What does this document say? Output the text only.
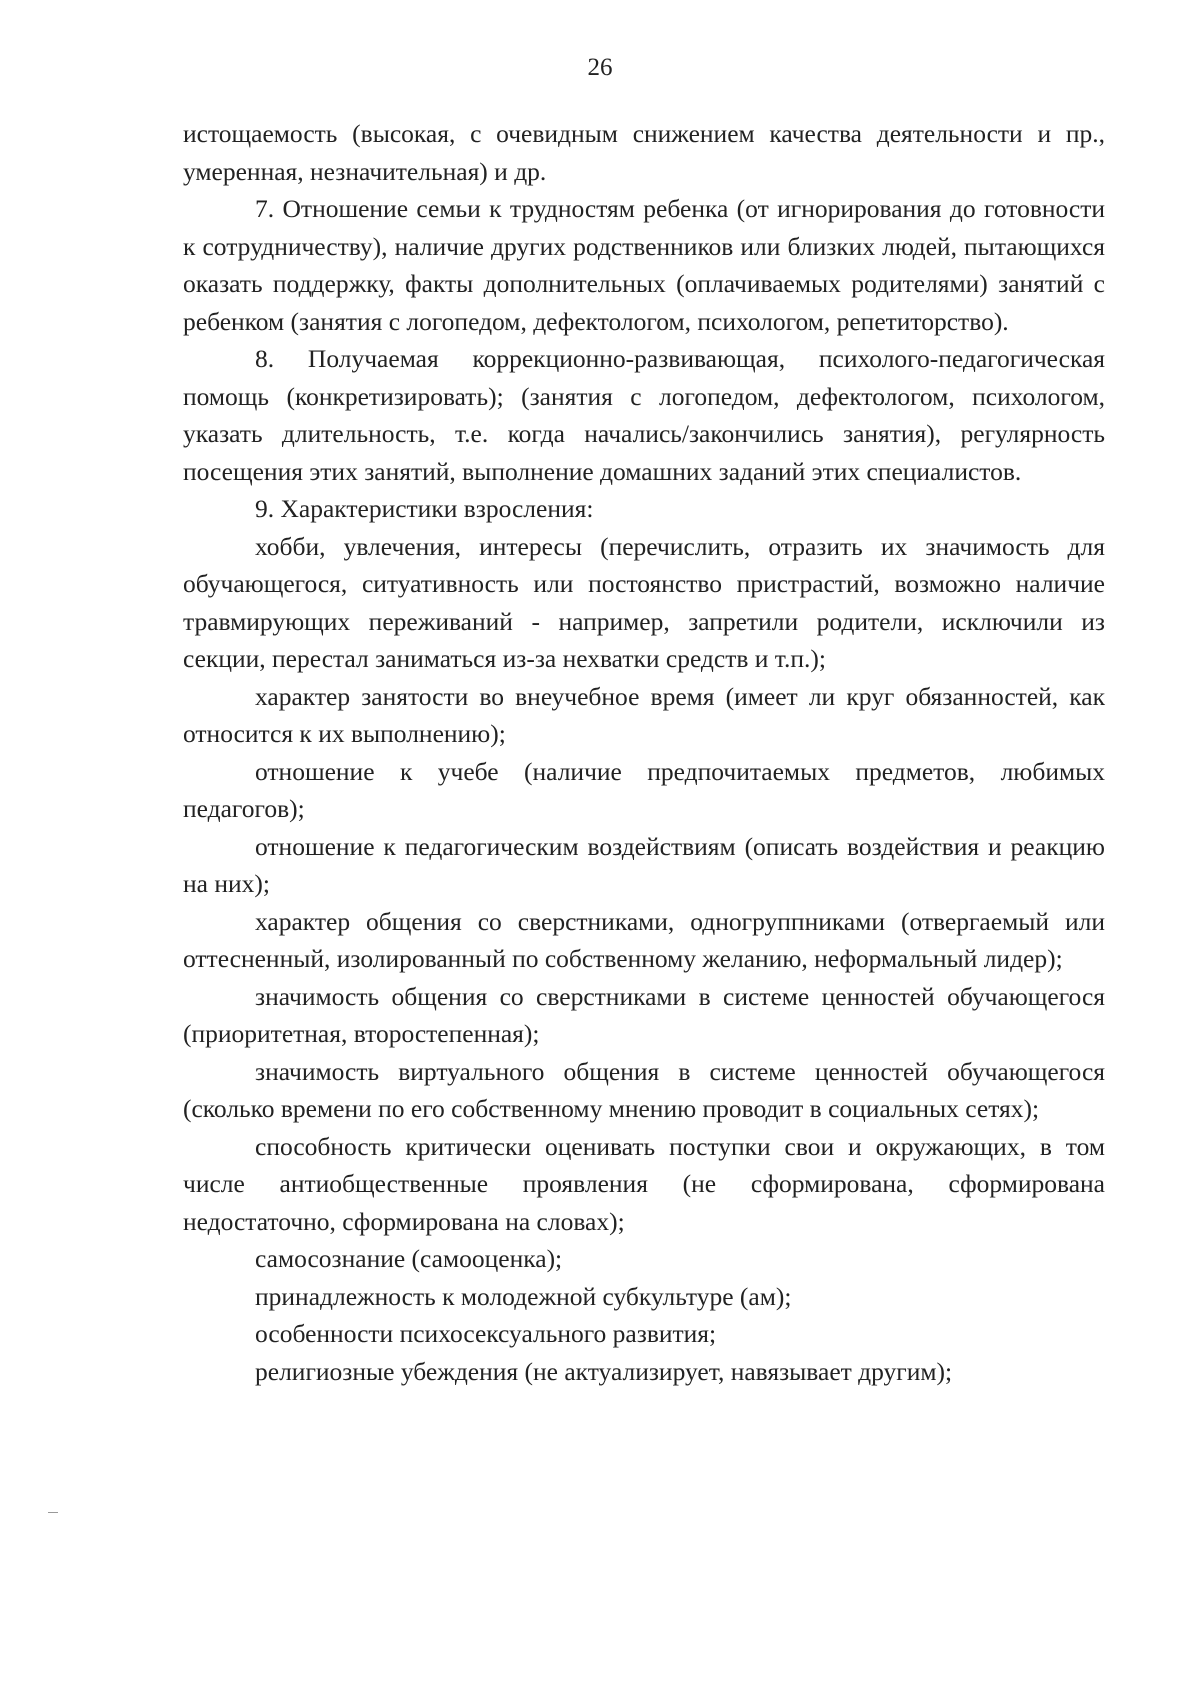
26

истощаемость (высокая, с очевидным снижением качества деятельности и пр., умеренная, незначительная) и др.

7. Отношение семьи к трудностям ребенка (от игнорирования до готовности к сотрудничеству), наличие других родственников или близких людей, пытающихся оказать поддержку, факты дополнительных (оплачиваемых родителями) занятий с ребенком (занятия с логопедом, дефектологом, психологом, репетиторство).

8. Получаемая коррекционно-развивающая, психолого-педагогическая помощь (конкретизировать); (занятия с логопедом, дефектологом, психологом, указать длительность, т.е. когда начались/закончились занятия), регулярность посещения этих занятий, выполнение домашних заданий этих специалистов.

9. Характеристики взросления:

хобби, увлечения, интересы (перечислить, отразить их значимость для обучающегося, ситуативность или постоянство пристрастий, возможно наличие травмирующих переживаний - например, запретили родители, исключили из секции, перестал заниматься из-за нехватки средств и т.п.);

характер занятости во внеучебное время (имеет ли круг обязанностей, как относится к их выполнению);

отношение к учебе (наличие предпочитаемых предметов, любимых педагогов);

отношение к педагогическим воздействиям (описать воздействия и реакцию на них);

характер общения со сверстниками, одногруппниками (отвергаемый или оттесненный, изолированный по собственному желанию, неформальный лидер);

значимость общения со сверстниками в системе ценностей обучающегося (приоритетная, второстепенная);

значимость виртуального общения в системе ценностей обучающегося (сколько времени по его собственному мнению проводит в социальных сетях);

способность критически оценивать поступки свои и окружающих, в том числе антиобщественные проявления (не сформирована, сформирована недостаточно, сформирована на словах);

самосознание (самооценка);

принадлежность к молодежной субкультуре (ам);

особенности психосексуального развития;

религиозные убеждения (не актуализирует, навязывает другим);
